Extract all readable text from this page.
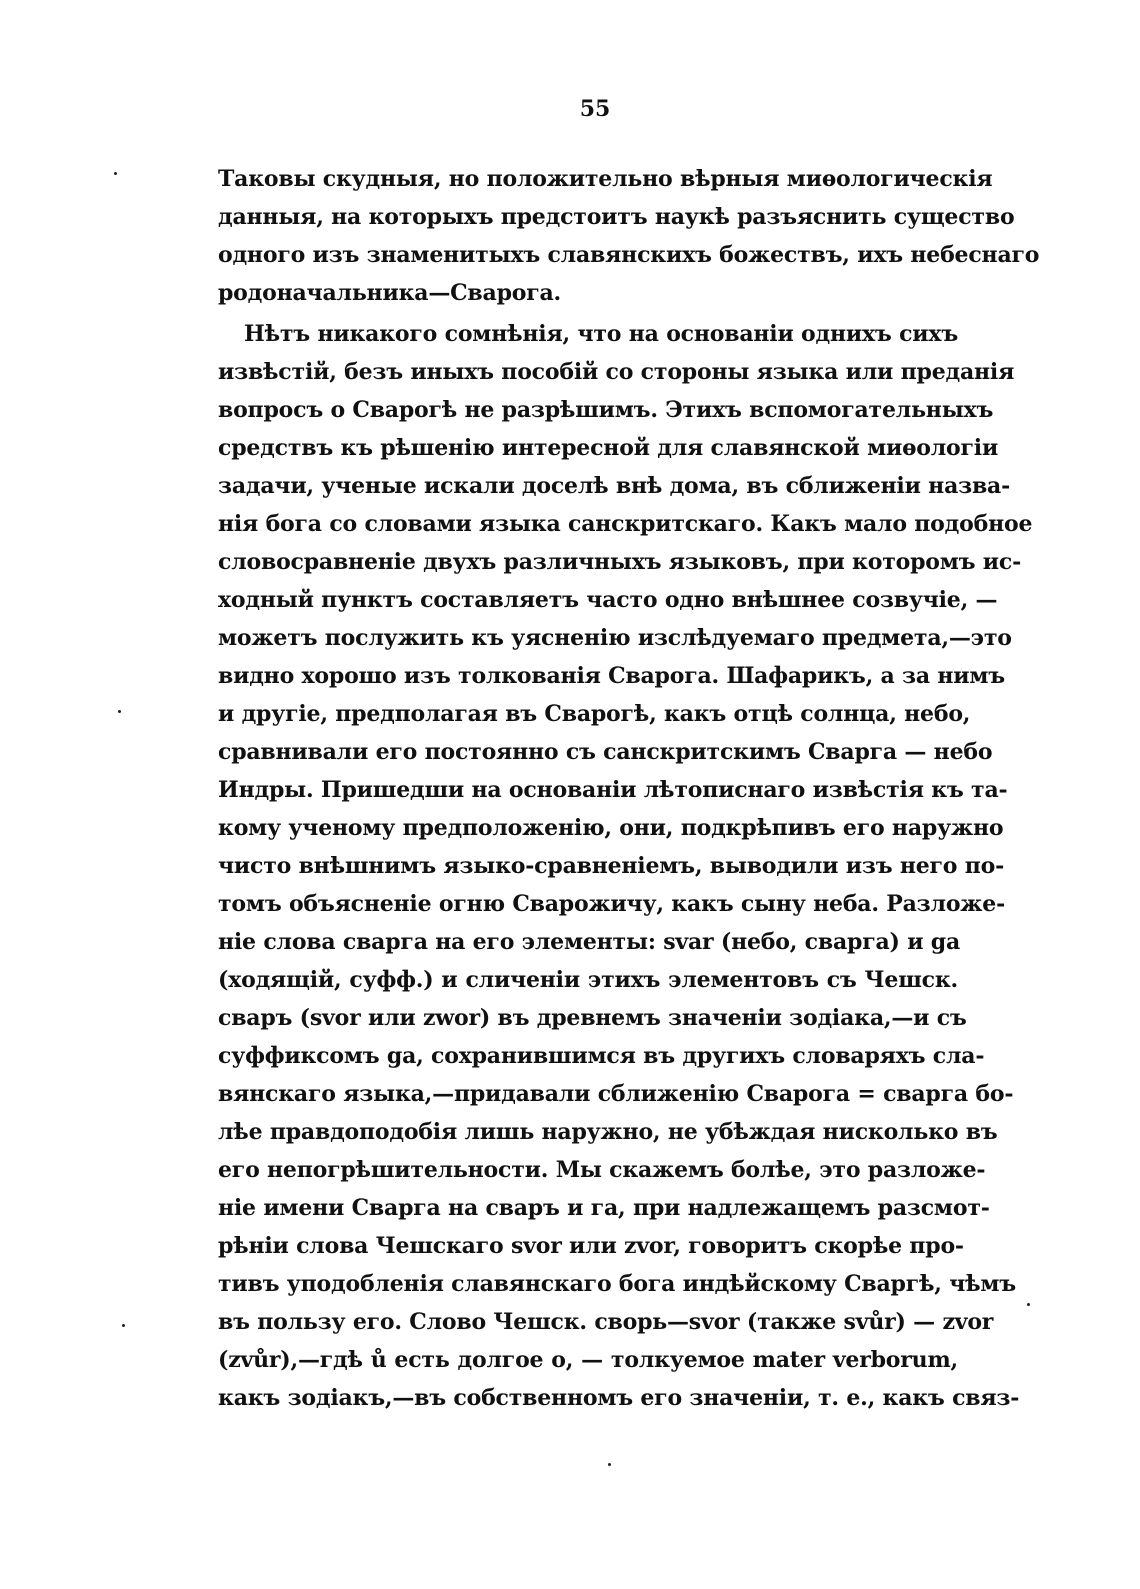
55
Таковы скудныя, но положительно вѣрныя миѳологическія
данныя, на которыхъ предстоитъ наукѣ разъяснить существо
одного изъ знаменитыхъ славянскихъ божествъ, ихъ небеснаго
родоначальника—Сварога.
Нѣтъ никакого сомнѣнія, что на основаніи однихъ сихъ
извѣстій, безъ иныхъ пособій со стороны языка или преданія
вопросъ о Сварогѣ не разрѣшимъ. Этихъ вспомогательныхъ
средствъ къ рѣшенію интересной для славянской миѳологіи
задачи, ученые искали доселѣ внѣ дома, въ сближеніи назва-
нія бога со словами языка санскритскаго. Какъ мало подобное
словосравненіе двухъ различныхъ языковъ, при которомъ ис-
ходный пунктъ составляетъ часто одно внѣшнее созвучіе, —
можетъ послужить къ уясненію изслѣдуемаго предмета,—это
видно хорошо изъ толкованія Сварога. Шафарикъ, а за нимъ
и другіе, предполагая въ Сварогѣ, какъ отцѣ солнца, небо,
сравнивали его постоянно съ санскритскимъ Сварга — небо
Индры. Пришедши на основаніи лѣтописнаго извѣстія къ та-
кому ученому предположенію, они, подкрѣпивъ его наружно
чисто внѣшнимъ языко-сравненіемъ, выводили изъ него по-
томъ объясненіе огню Сварожичу, какъ сыну неба. Разложе-
ніе слова сварга на его элементы: svar (небо, сварга) и ga
(ходящій, суфф.) и сличеніи этихъ элементовъ съ Чешск.
сваръ (svor или zwor) въ древнемъ значеніи зодіака,—и съ
суффиксомъ ga, сохранившимся въ другихъ словаряхъ сла-
вянскаго языка,—придавали сближенію Сварога = сварга бо-
лѣе правдоподобія лишь наружно, не убѣждая нисколько въ
его непогрѣшительности. Мы скажемъ болѣе, это разложе-
ніе имени Сварга на сваръ и га, при надлежащемъ разсмот-
рѣніи слова Чешскаго svor или zvor, говоритъ скорѣе про-
тивъ уподобленія славянскаго бога индѣйскому Сваргѣ, чѣмъ
въ пользу его. Слово Чешск. сворь—svor (также svůr) — zvor
(zvůr),—гдѣ ů есть долгое о, — толкуемое mater verborum,
какъ зодіакъ,—въ собственномъ его значеніи, т. е., какъ связ-
